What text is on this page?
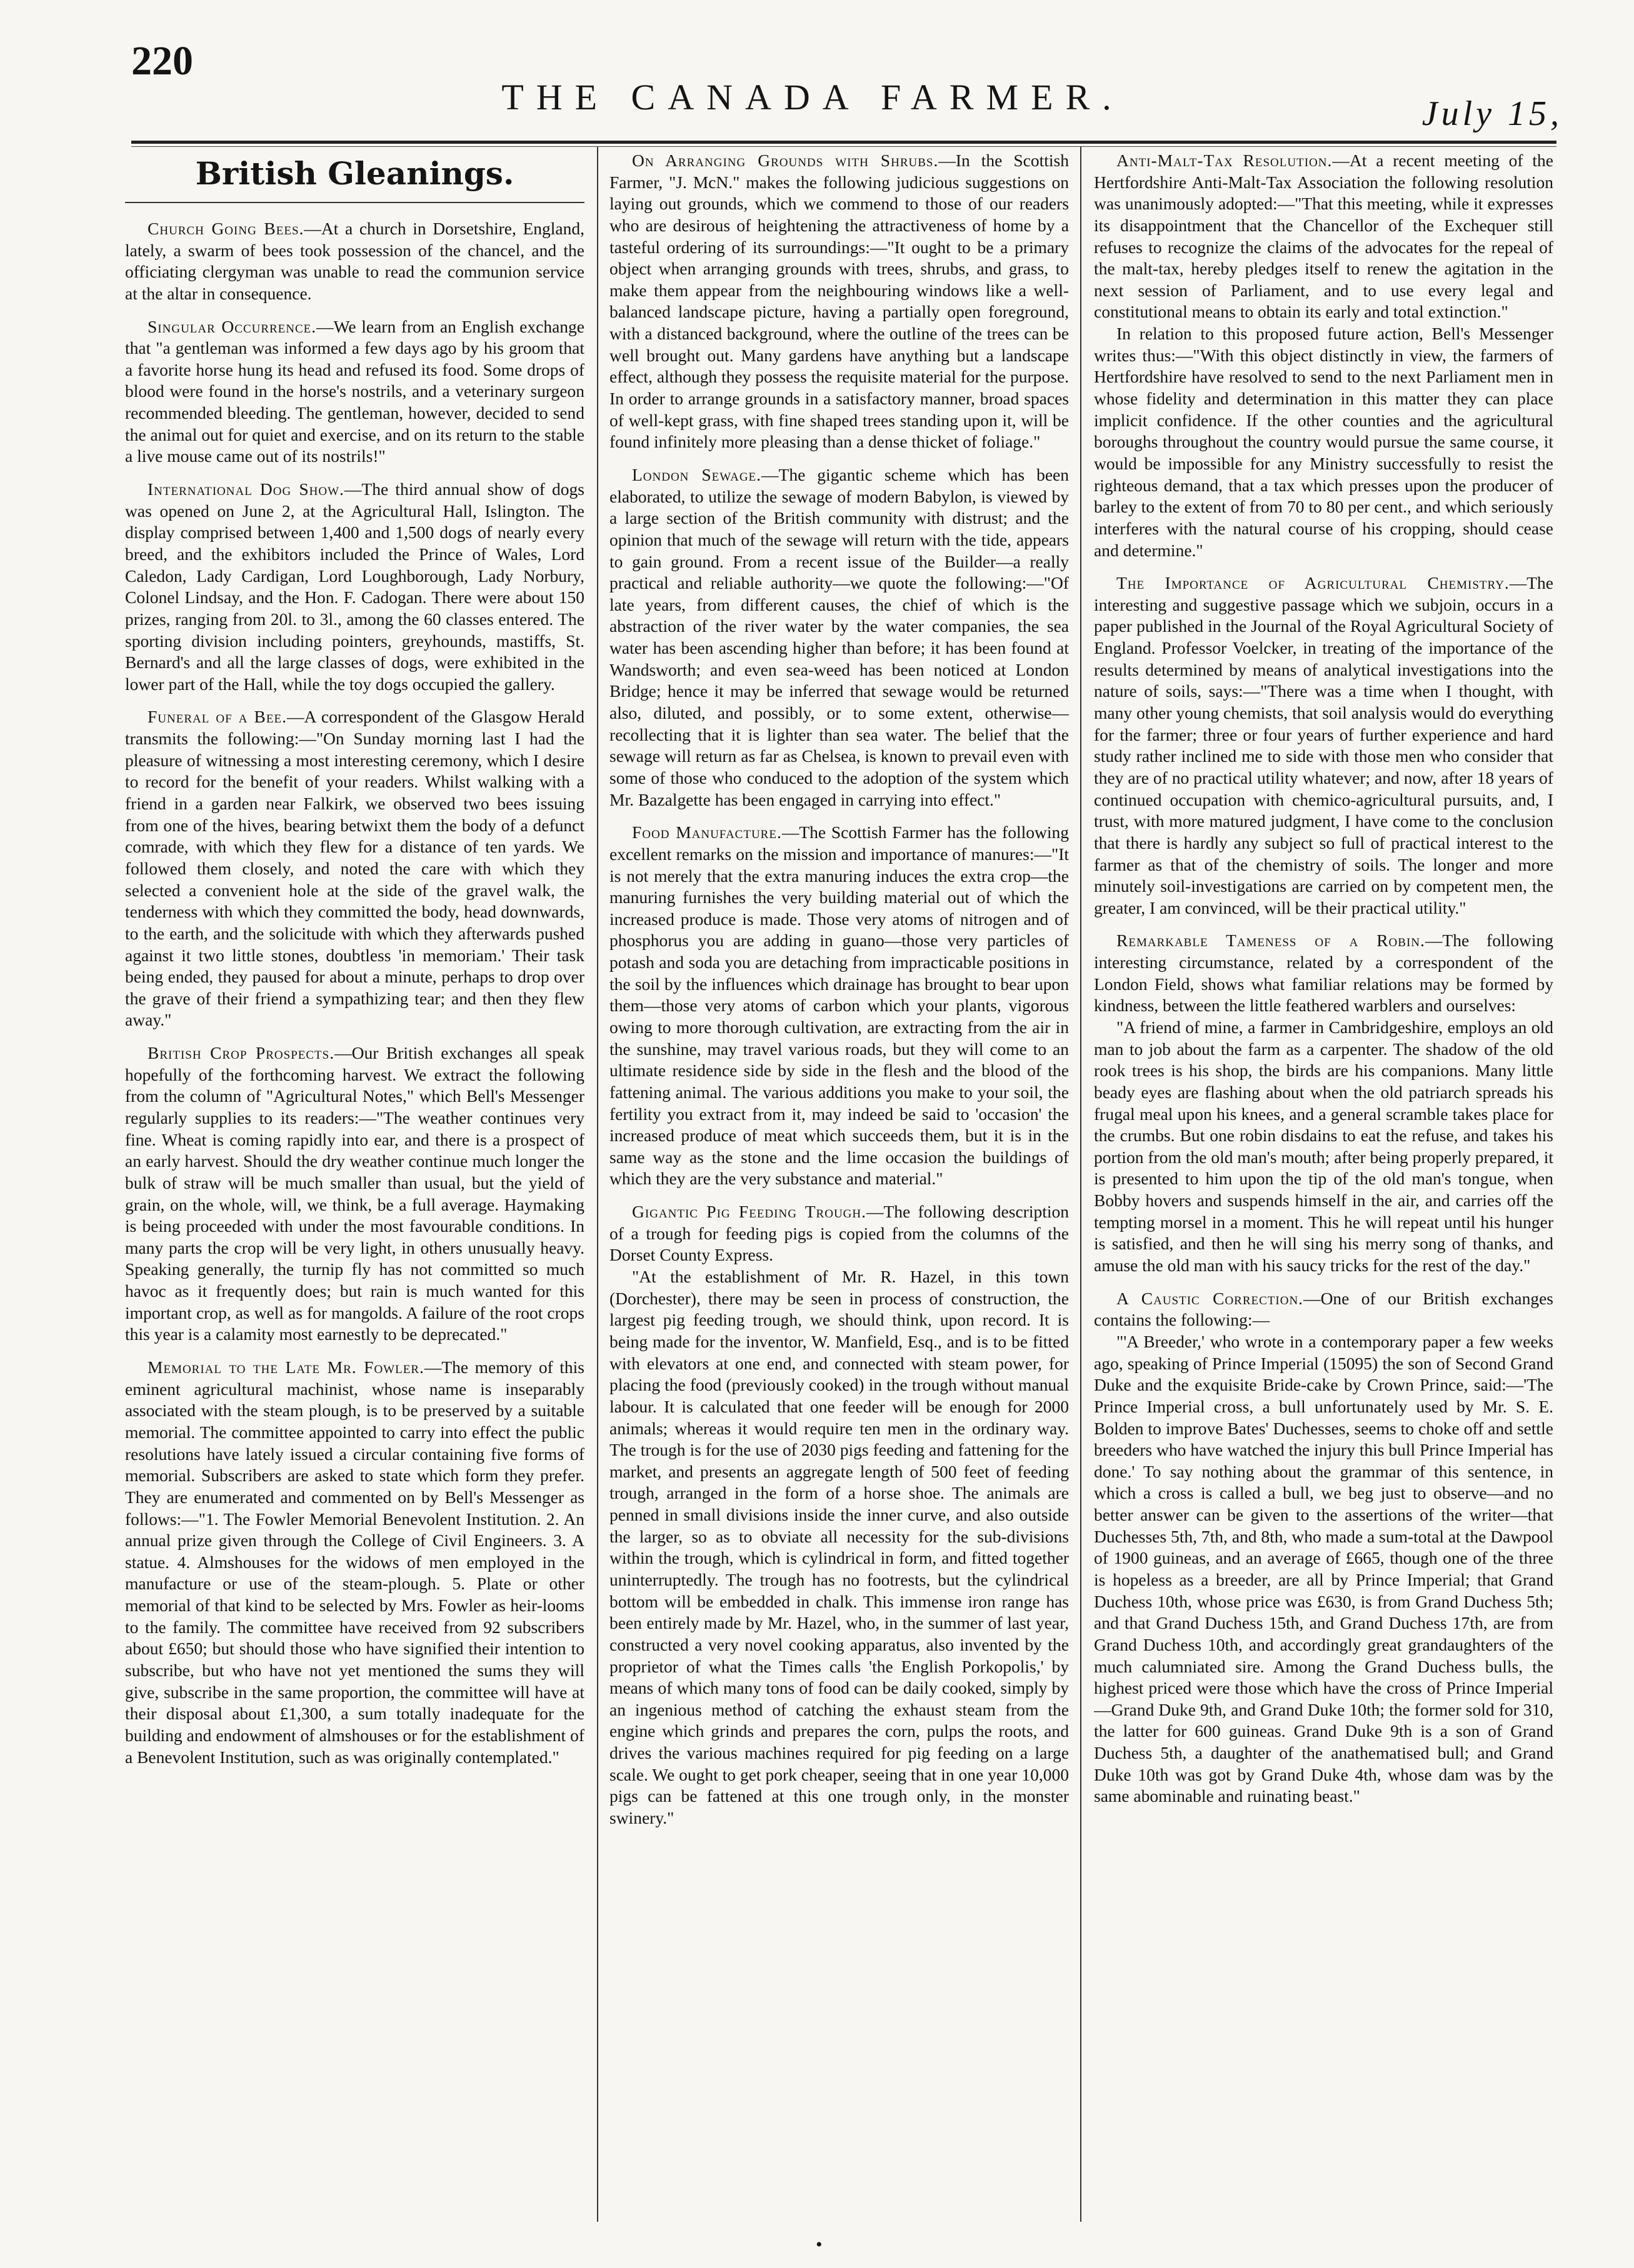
220
THE CANADA FARMER.	July 15,
British Gleanings.
Church Going Bees.—At a church in Dorsetshire, England, lately, a swarm of bees took possession of the chancel, and the officiating clergyman was unable to read the communion service at the altar in consequence.
Singular Occurrence.—We learn from an English exchange that "a gentleman was informed a few days ago by his groom that a favorite horse hung its head and refused its food. Some drops of blood were found in the horse's nostrils, and a veterinary surgeon recommended bleeding. The gentleman, however, decided to send the animal out for quiet and exercise, and on its return to the stable a live mouse came out of its nostrils!"
International Dog Show.—The third annual show of dogs was opened on June 2, at the Agricultural Hall, Islington. The display comprised between 1,400 and 1,500 dogs of nearly every breed, and the exhibitors included the Prince of Wales, Lord Caledon, Lady Cardigan, Lord Loughborough, Lady Norbury, Colonel Lindsay, and the Hon. F. Cadogan. There were about 150 prizes, ranging from 20l. to 3l., among the 60 classes entered. The sporting division including pointers, greyhounds, mastiffs, St. Bernard's and all the large classes of dogs, were exhibited in the lower part of the Hall, while the toy dogs occupied the gallery.
Funeral of a Bee.—A correspondent of the Glasgow Herald transmits the following:—"On Sunday morning last I had the pleasure of witnessing a most interesting ceremony, which I desire to record for the benefit of your readers. Whilst walking with a friend in a garden near Falkirk, we observed two bees issuing from one of the hives, bearing betwixt them the body of a defunct comrade, with which they flew for a distance of ten yards. We followed them closely, and noted the care with which they selected a convenient hole at the side of the gravel walk, the tenderness with which they committed the body, head downwards, to the earth, and the solicitude with which they afterwards pushed against it two little stones, doubtless 'in memoriam.' Their task being ended, they paused for about a minute, perhaps to drop over the grave of their friend a sympathizing tear; and then they flew away."
British Crop Prospects.—Our British exchanges all speak hopefully of the forthcoming harvest. We extract the following from the column of "Agricultural Notes," which Bell's Messenger regularly supplies to its readers:—"The weather continues very fine. Wheat is coming rapidly into ear, and there is a prospect of an early harvest. Should the dry weather continue much longer the bulk of straw will be much smaller than usual, but the yield of grain, on the whole, will, we think, be a full average. Haymaking is being proceeded with under the most favourable conditions. In many parts the crop will be very light, in others unusually heavy. Speaking generally, the turnip fly has not committed so much havoc as it frequently does; but rain is much wanted for this important crop, as well as for mangolds. A failure of the root crops this year is a calamity most earnestly to be deprecated."
Memorial to the Late Mr. Fowler.—The memory of this eminent agricultural machinist, whose name is inseparably associated with the steam plough, is to be preserved by a suitable memorial. The committee appointed to carry into effect the public resolutions have lately issued a circular containing five forms of memorial. Subscribers are asked to state which form they prefer. They are enumerated and commented on by Bell's Messenger as follows:—"1. The Fowler Memorial Benevolent Institution. 2. An annual prize given through the College of Civil Engineers. 3. A statue. 4. Almshouses for the widows of men employed in the manufacture or use of the steam-plough. 5. Plate or other memorial of that kind to be selected by Mrs. Fowler as heir-looms to the family. The committee have received from 92 subscribers about £650; but should those who have signified their intention to subscribe, but who have not yet mentioned the sums they will give, subscribe in the same proportion, the committee will have at their disposal about £1,300, a sum totally inadequate for the building and endowment of almshouses or for the establishment of a Benevolent Institution, such as was originally contemplated."
On Arranging Grounds with Shrubs.—In the Scottish Farmer, "J. McN." makes the following judicious suggestions on laying out grounds, which we commend to those of our readers who are desirous of heightening the attractiveness of home by a tasteful ordering of its surroundings:—"It ought to be a primary object when arranging grounds with trees, shrubs, and grass, to make them appear from the neighbouring windows like a well-balanced landscape picture, having a partially open foreground, with a distanced background, where the outline of the trees can be well brought out. Many gardens have anything but a landscape effect, although they possess the requisite material for the purpose. In order to arrange grounds in a satisfactory manner, broad spaces of well-kept grass, with fine shaped trees standing upon it, will be found infinitely more pleasing than a dense thicket of foliage."
London Sewage.—The gigantic scheme which has been elaborated, to utilize the sewage of modern Babylon, is viewed by a large section of the British community with distrust; and the opinion that much of the sewage will return with the tide, appears to gain ground. From a recent issue of the Builder—a really practical and reliable authority—we quote the following:—"Of late years, from different causes, the chief of which is the abstraction of the river water by the water companies, the sea water has been ascending higher than before; it has been found at Wandsworth; and even sea-weed has been noticed at London Bridge; hence it may be inferred that sewage would be returned also, diluted, and possibly, or to some extent, otherwise—recollecting that it is lighter than sea water. The belief that the sewage will return as far as Chelsea, is known to prevail even with some of those who conduced to the adoption of the system which Mr. Bazalgette has been engaged in carrying into effect."
Food Manufacture.—The Scottish Farmer has the following excellent remarks on the mission and importance of manures:—"It is not merely that the extra manuring induces the extra crop—the manuring furnishes the very building material out of which the increased produce is made. Those very atoms of nitrogen and of phosphorus you are adding in guano—those very particles of potash and soda you are detaching from impracticable positions in the soil by the influences which drainage has brought to bear upon them—those very atoms of carbon which your plants, vigorous owing to more thorough cultivation, are extracting from the air in the sunshine, may travel various roads, but they will come to an ultimate residence side by side in the flesh and the blood of the fattening animal. The various additions you make to your soil, the fertility you extract from it, may indeed be said to 'occasion' the increased produce of meat which succeeds them, but it is in the same way as the stone and the lime occasion the buildings of which they are the very substance and material."
Gigantic Pig Feeding Trough.—The following description of a trough for feeding pigs is copied from the columns of the Dorset County Express.
"At the establishment of Mr. R. Hazel, in this town (Dorchester), there may be seen in process of construction, the largest pig feeding trough, we should think, upon record. It is being made for the inventor, W. Manfield, Esq., and is to be fitted with elevators at one end, and connected with steam power, for placing the food (previously cooked) in the trough without manual labour. It is calculated that one feeder will be enough for 2000 animals; whereas it would require ten men in the ordinary way. The trough is for the use of 2030 pigs feeding and fattening for the market, and presents an aggregate length of 500 feet of feeding trough, arranged in the form of a horse shoe. The animals are penned in small divisions inside the inner curve, and also outside the larger, so as to obviate all necessity for the sub-divisions within the trough, which is cylindrical in form, and fitted together uninterruptedly. The trough has no footrests, but the cylindrical bottom will be embedded in chalk. This immense iron range has been entirely made by Mr. Hazel, who, in the summer of last year, constructed a very novel cooking apparatus, also invented by the proprietor of what the Times calls 'the English Porkopolis,' by means of which many tons of food can be daily cooked, simply by an ingenious method of catching the exhaust steam from the engine which grinds and prepares the corn, pulps the roots, and drives the various machines required for pig feeding on a large scale. We ought to get pork cheaper, seeing that in one year 10,000 pigs can be fattened at this one trough only, in the monster swinery."
Anti-Malt-Tax Resolution.—At a recent meeting of the Hertfordshire Anti-Malt-Tax Association the following resolution was unanimously adopted:—"That this meeting, while it expresses its disappointment that the Chancellor of the Exchequer still refuses to recognize the claims of the advocates for the repeal of the malt-tax, hereby pledges itself to renew the agitation in the next session of Parliament, and to use every legal and constitutional means to obtain its early and total extinction."
In relation to this proposed future action, Bell's Messenger writes thus:—"With this object distinctly in view, the farmers of Hertfordshire have resolved to send to the next Parliament men in whose fidelity and determination in this matter they can place implicit confidence. If the other counties and the agricultural boroughs throughout the country would pursue the same course, it would be impossible for any Ministry successfully to resist the righteous demand, that a tax which presses upon the producer of barley to the extent of from 70 to 80 per cent., and which seriously interferes with the natural course of his cropping, should cease and determine."
The Importance of Agricultural Chemistry.—The interesting and suggestive passage which we subjoin, occurs in a paper published in the Journal of the Royal Agricultural Society of England. Professor Voelcker, in treating of the importance of the results determined by means of analytical investigations into the nature of soils, says:—"There was a time when I thought, with many other young chemists, that soil analysis would do everything for the farmer; three or four years of further experience and hard study rather inclined me to side with those men who consider that they are of no practical utility whatever; and now, after 18 years of continued occupation with chemico-agricultural pursuits, and, I trust, with more matured judgment, I have come to the conclusion that there is hardly any subject so full of practical interest to the farmer as that of the chemistry of soils. The longer and more minutely soil-investigations are carried on by competent men, the greater, I am convinced, will be their practical utility."
Remarkable Tameness of a Robin.—The following interesting circumstance, related by a correspondent of the London Field, shows what familiar relations may be formed by kindness, between the little feathered warblers and ourselves:
"A friend of mine, a farmer in Cambridgeshire, employs an old man to job about the farm as a carpenter. The shadow of the old rook trees is his shop, the birds are his companions. Many little beady eyes are flashing about when the old patriarch spreads his frugal meal upon his knees, and a general scramble takes place for the crumbs. But one robin disdains to eat the refuse, and takes his portion from the old man's mouth; after being properly prepared, it is presented to him upon the tip of the old man's tongue, when Bobby hovers and suspends himself in the air, and carries off the tempting morsel in a moment. This he will repeat until his hunger is satisfied, and then he will sing his merry song of thanks, and amuse the old man with his saucy tricks for the rest of the day."
A Caustic Correction.—One of our British exchanges contains the following:—
"'A Breeder,' who wrote in a contemporary paper a few weeks ago, speaking of Prince Imperial (15095) the son of Second Grand Duke and the exquisite Bride-cake by Crown Prince, said:—'The Prince Imperial cross, a bull unfortunately used by Mr. S. E. Bolden to improve Bates' Duchesses, seems to choke off and settle breeders who have watched the injury this bull Prince Imperial has done.' To say nothing about the grammar of this sentence, in which a cross is called a bull, we beg just to observe—and no better answer can be given to the assertions of the writer—that Duchesses 5th, 7th, and 8th, who made a sum-total at the Dawpool of 1900 guineas, and an average of £665, though one of the three is hopeless as a breeder, are all by Prince Imperial; that Grand Duchess 10th, whose price was £630, is from Grand Duchess 5th; and that Grand Duchess 15th, and Grand Duchess 17th, are from Grand Duchess 10th, and accordingly great grandaughters of the much calumniated sire. Among the Grand Duchess bulls, the highest priced were those which have the cross of Prince Imperial—Grand Duke 9th, and Grand Duke 10th; the former sold for 310, the latter for 600 guineas. Grand Duke 9th is a son of Grand Duchess 5th, a daughter of the anathematised bull; and Grand Duke 10th was got by Grand Duke 4th, whose dam was by the same abominable and ruinating beast."
•
